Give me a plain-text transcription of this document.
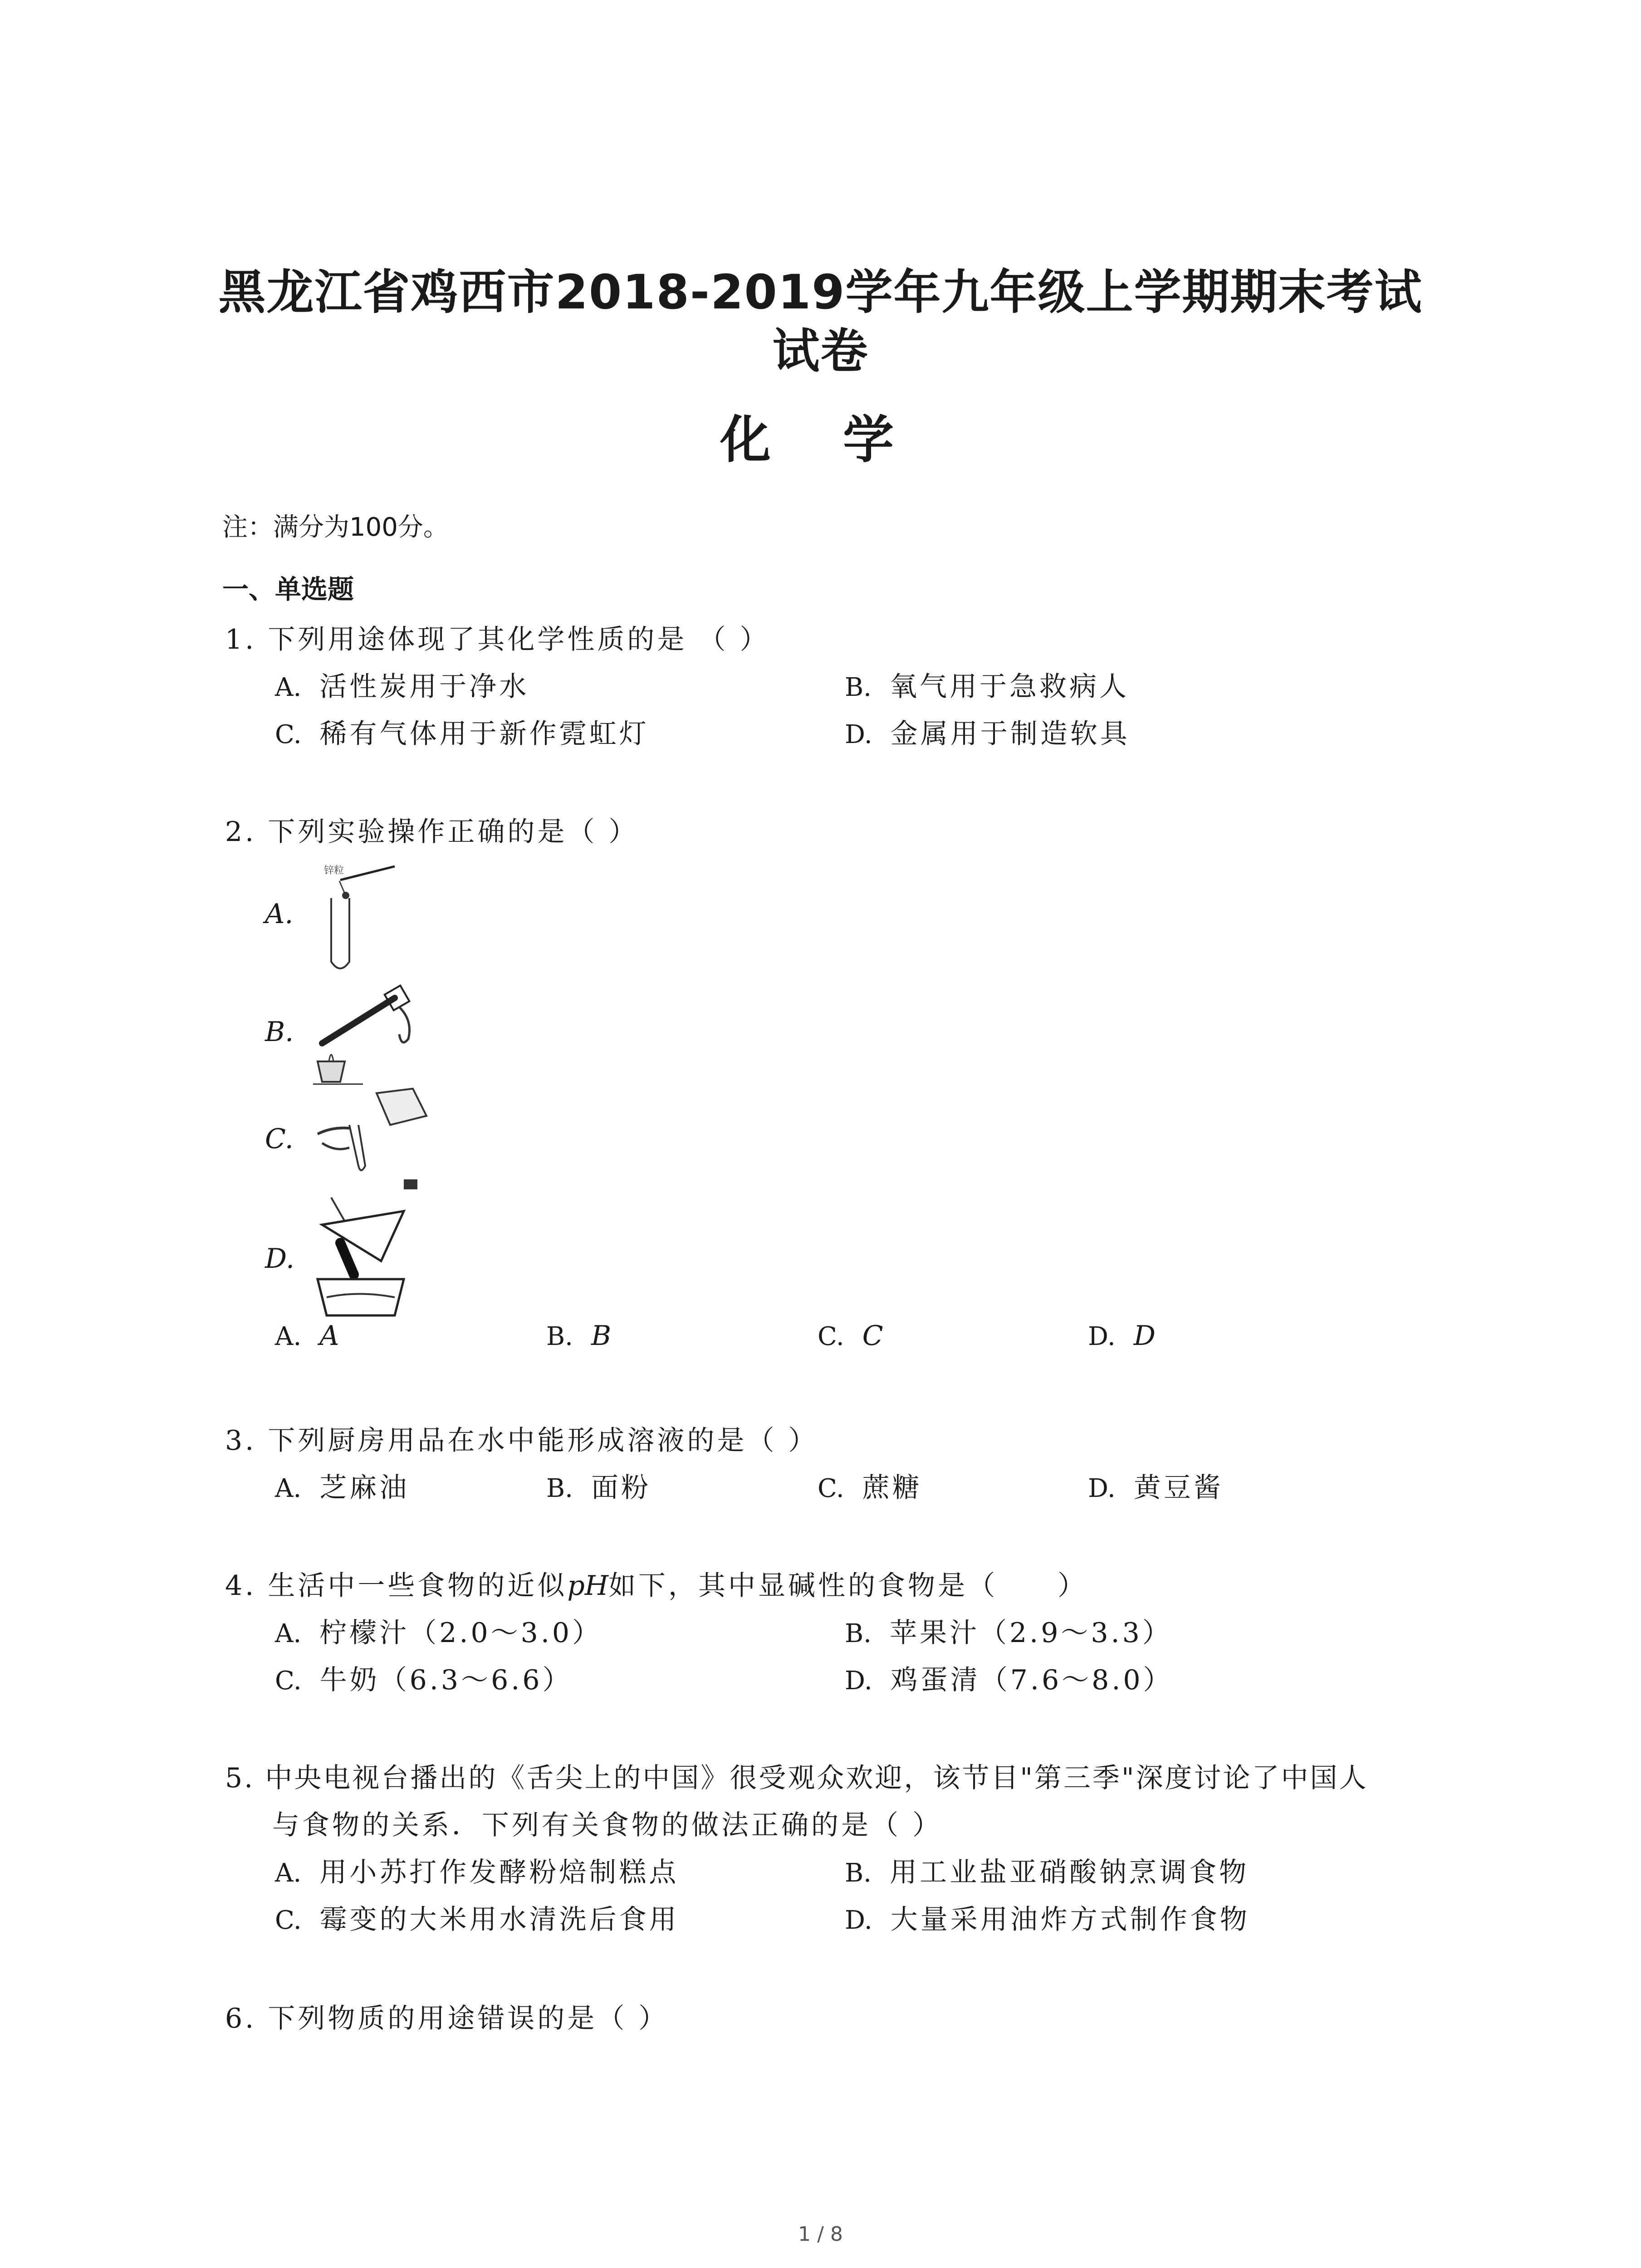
黑龙江省鸡西市2018-2019学年九年级上学期期末考试
试卷
化 学
注：满分为100分。
一、单选题
1. 下列用途体现了其化学性质的是 （ ）
A. 活性炭用于净水	B. 氧气用于急救病人
C. 稀有气体用于新作霓虹灯	D. 金属用于制造软具
2. 下列实验操作正确的是（ ）
A.
锌粒
B.
C.
D.
A. A	B. B	C. C	D. D
3. 下列厨房用品在水中能形成溶液的是（ ）
A. 芝麻油	B. 面粉	C. 蔗糖	D. 黄豆酱
4. 生活中一些食物的近似pH如下，其中显碱性的食物是（　　）
A. 柠檬汁（2.0～3.0）	B. 苹果汁（2.9～3.3）
C. 牛奶（6.3～6.6）	D. 鸡蛋清（7.6～8.0）
5. 中央电视台播出的《舌尖上的中国》很受观众欢迎，该节目"第三季"深度讨论了中国人
与食物的关系．下列有关食物的做法正确的是（ ）
A. 用小苏打作发酵粉焙制糕点	B. 用工业盐亚硝酸钠烹调食物
C. 霉变的大米用水清洗后食用	D. 大量采用油炸方式制作食物
6. 下列物质的用途错误的是（ ）
1 / 8
